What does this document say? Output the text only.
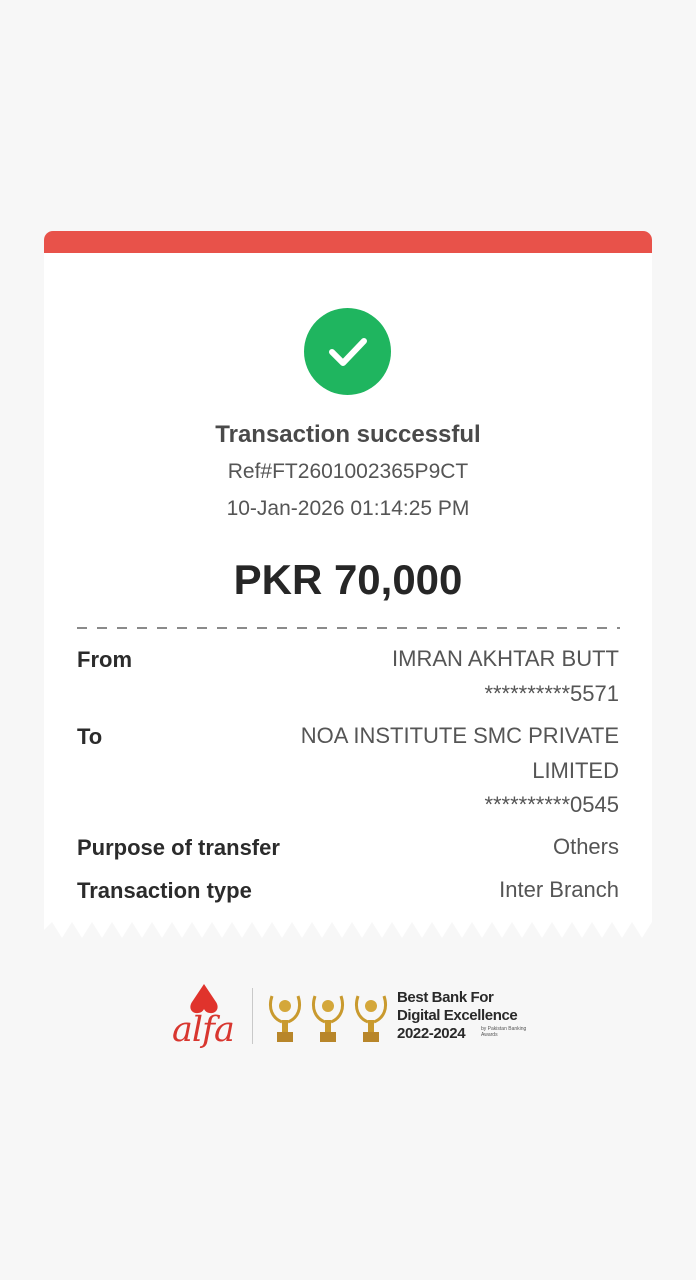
Transaction successful
Ref#FT2601002365P9CT
10-Jan-2026 01:14:25 PM
PKR 70,000
From	IMRAN AKHTAR BUTT
**********5571
To	NOA INSTITUTE SMC PRIVATE
LIMITED
**********0545
Purpose of transfer	Others
Transaction type	Inter Branch
alfa
Best Bank For
Digital Excellence
2022-2024	by Pakistan Banking Awards
